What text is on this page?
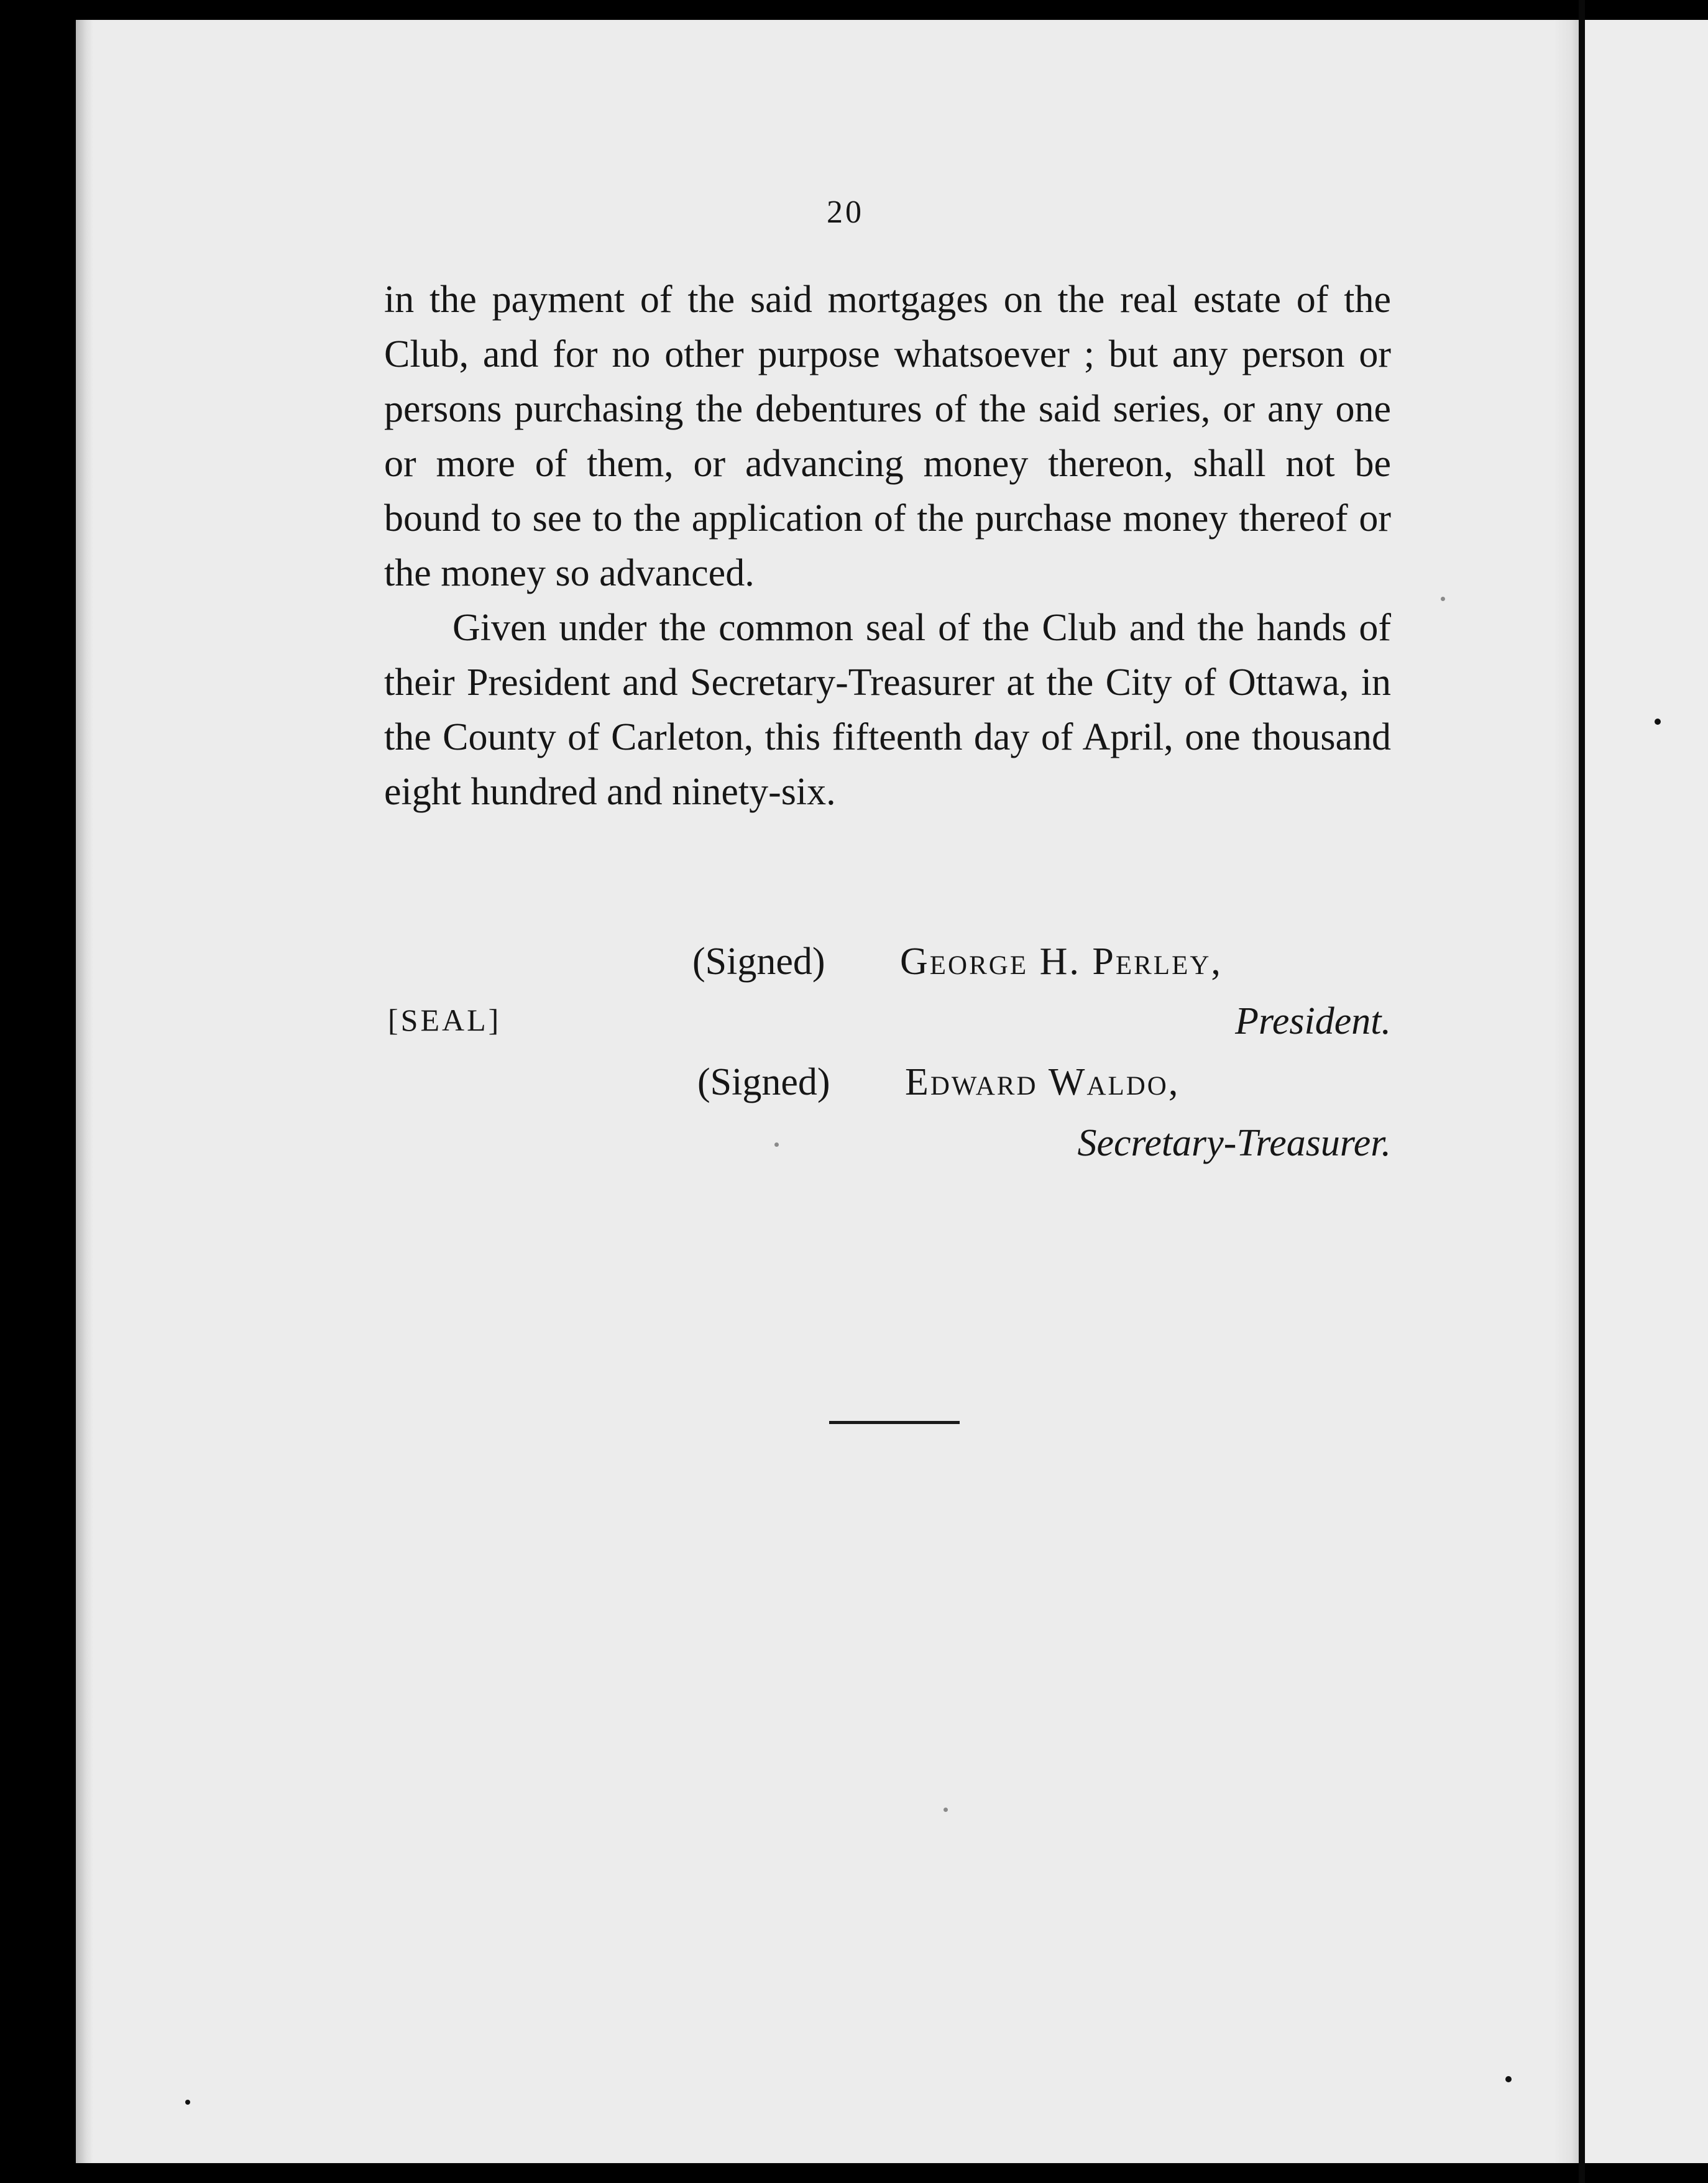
20

in the payment of the said mortgages on the real estate of the Club, and for no other purpose whatsoever ; but any person or persons purchasing the debentures of the said series, or any one or more of them, or advancing money thereon, shall not be bound to see to the application of the purchase money thereof or the money so advanced.

Given under the common seal of the Club and the hands of their President and Secretary-Treasurer at the City of Ottawa, in the County of Carleton, this fifteenth day of April, one thousand eight hundred and ninety-six.

(Signed) George H. Perley,
[SEAL]	President.
(Signed) Edward Waldo,
Secretary-Treasurer.
